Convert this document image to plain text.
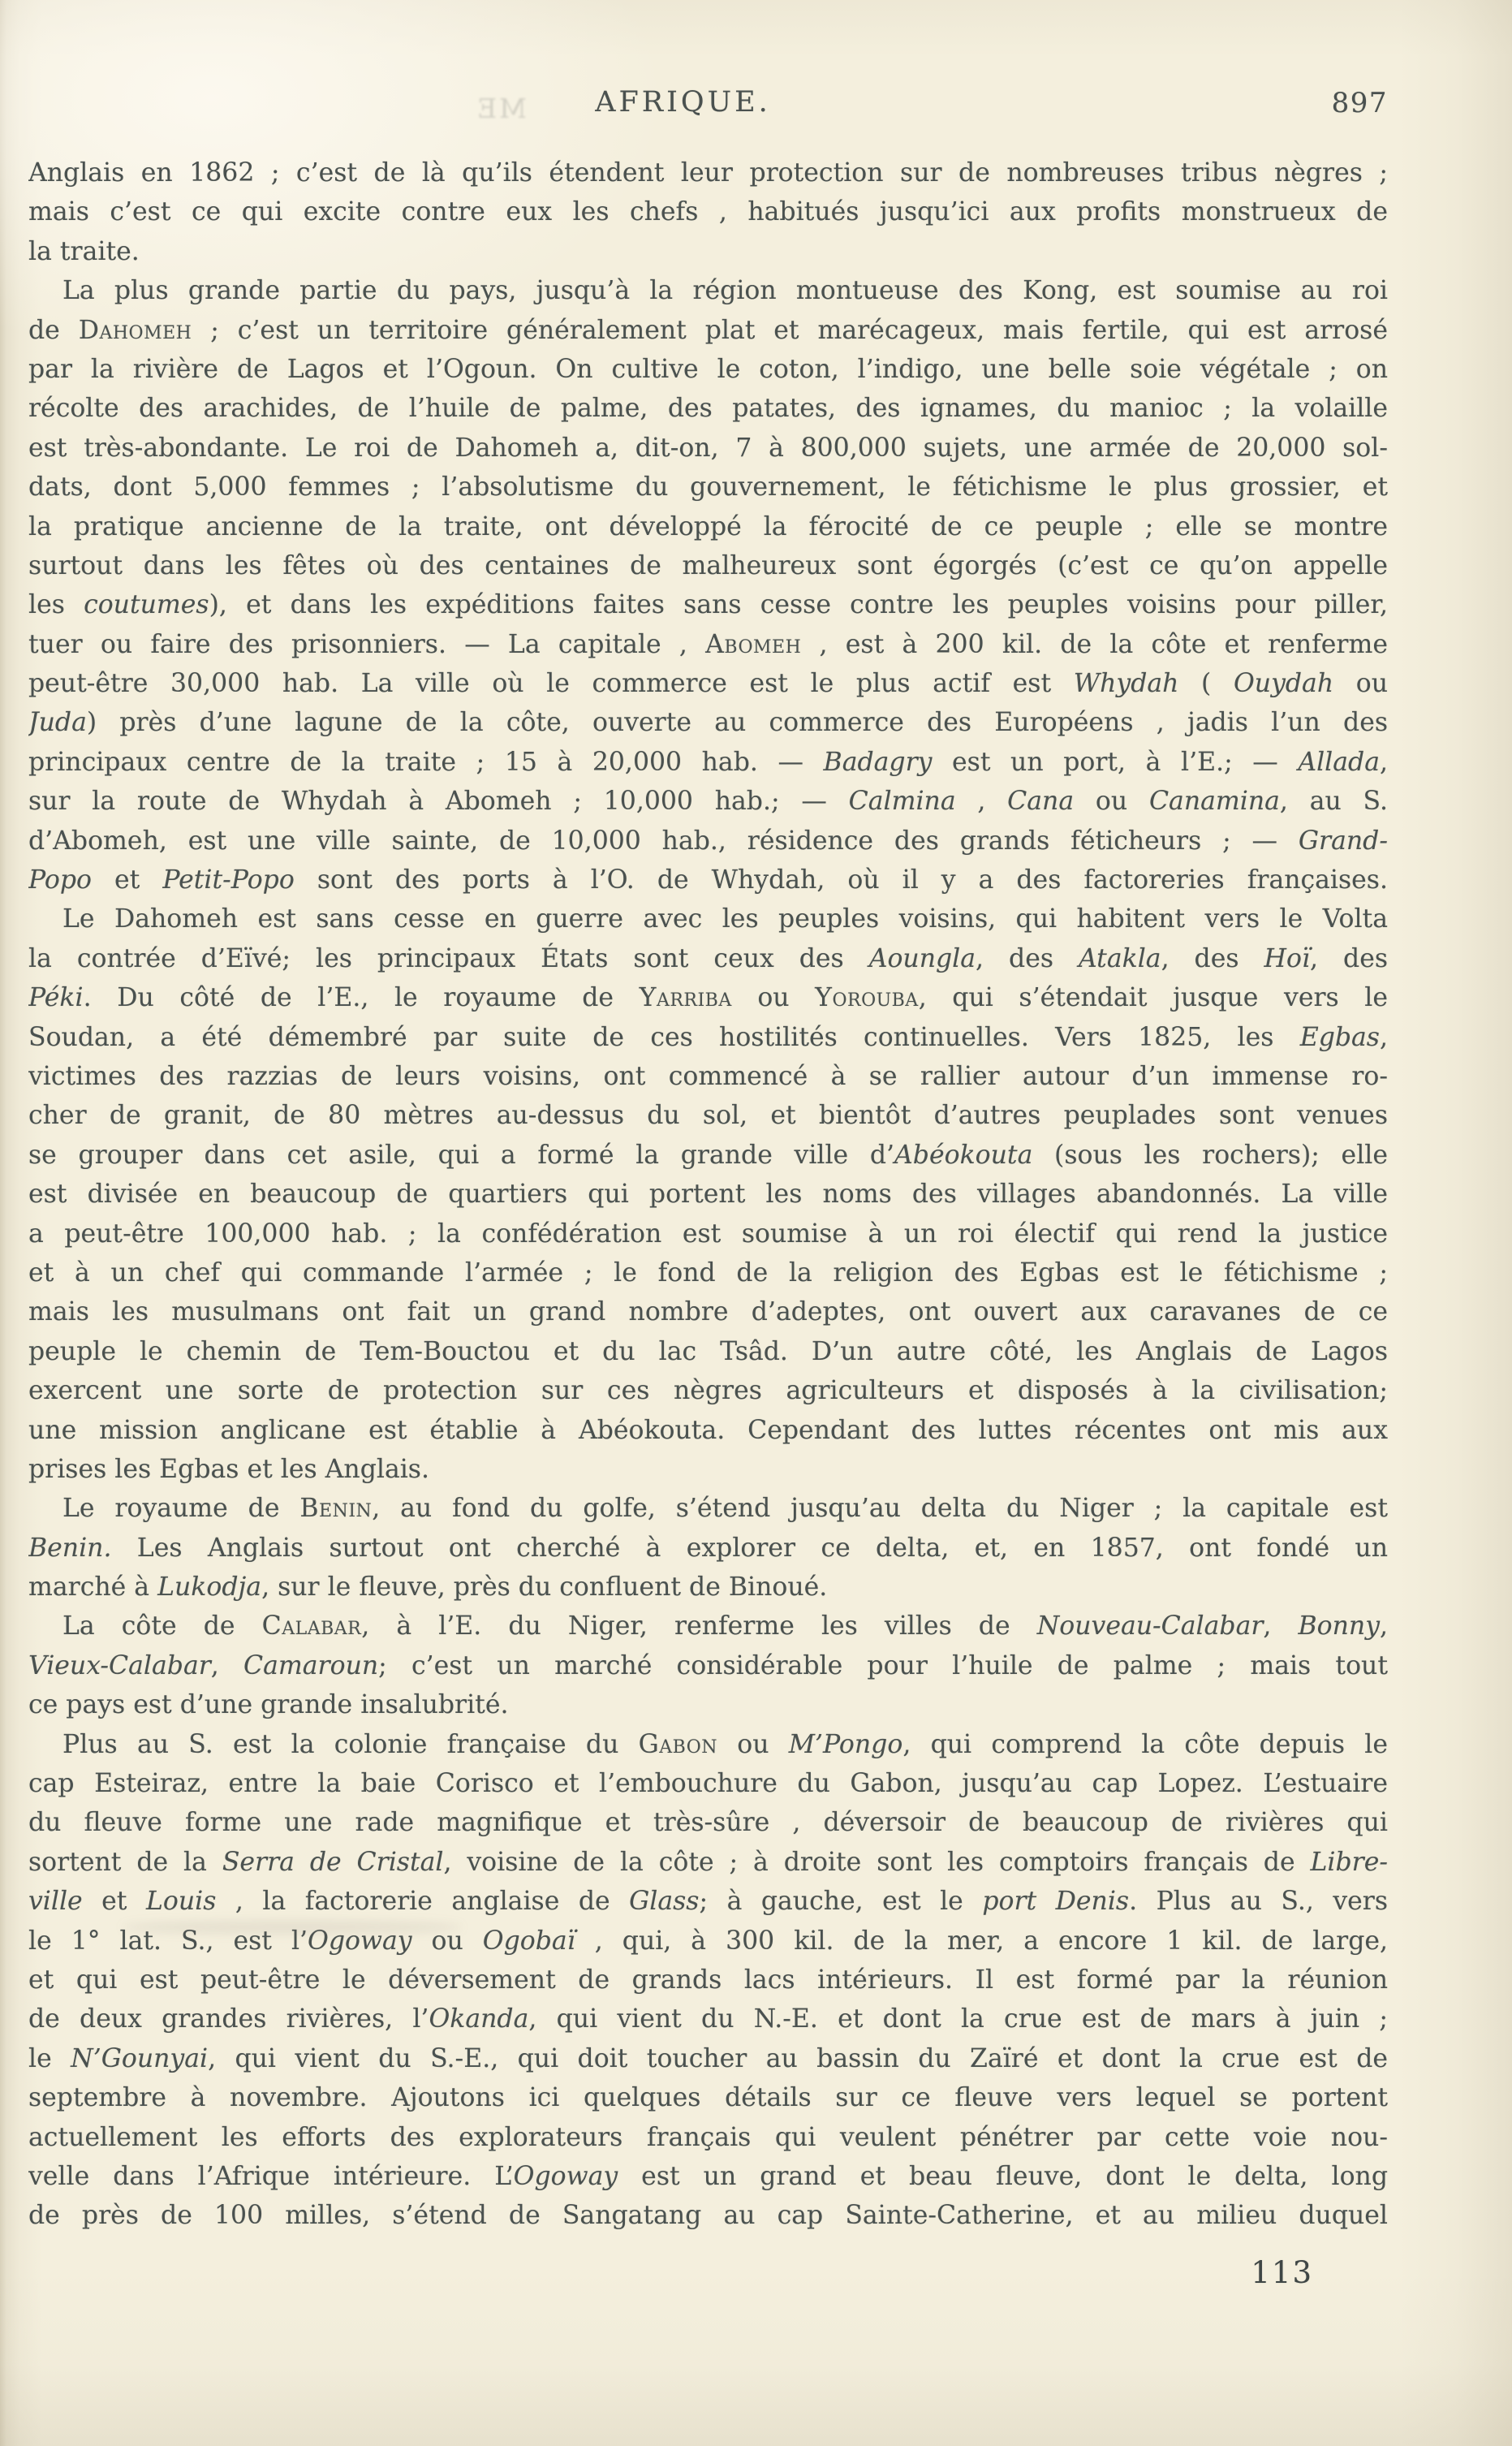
ME	AFRIQUE.	897
Anglais en 1862 ; c’est de là qu’ils étendent leur protection sur de nombreuses tribus nègres ;
mais c’est ce qui excite contre eux les chefs , habitués jusqu’ici aux profits monstrueux de
la traite.
La plus grande partie du pays, jusqu’à la région montueuse des Kong, est soumise au roi
de Dahomeh ; c’est un territoire généralement plat et marécageux, mais fertile, qui est arrosé
par la rivière de Lagos et l’Ogoun. On cultive le coton, l’indigo, une belle soie végétale ; on
récolte des arachides, de l’huile de palme, des patates, des ignames, du manioc ; la volaille
est très-abondante. Le roi de Dahomeh a, dit-on, 7 à 800,000 sujets, une armée de 20,000 sol-
dats, dont 5,000 femmes ; l’absolutisme du gouvernement, le fétichisme le plus grossier, et
la pratique ancienne de la traite, ont développé la férocité de ce peuple ; elle se montre
surtout dans les fêtes où des centaines de malheureux sont égorgés (c’est ce qu’on appelle
les coutumes), et dans les expéditions faites sans cesse contre les peuples voisins pour piller,
tuer ou faire des prisonniers. — La capitale , Abomeh , est à 200 kil. de la côte et renferme
peut-être 30,000 hab. La ville où le commerce est le plus actif est Whydah ( Ouydah ou
Juda) près d’une lagune de la côte, ouverte au commerce des Européens , jadis l’un des
principaux centre de la traite ; 15 à 20,000 hab. — Badagry est un port, à l’E.; — Allada,
sur la route de Whydah à Abomeh ; 10,000 hab.; — Calmina , Cana ou Canamina, au S.
d’Abomeh, est une ville sainte, de 10,000 hab., résidence des grands féticheurs ; — Grand-
Popo et Petit-Popo sont des ports à l’O. de Whydah, où il y a des factoreries françaises.
Le Dahomeh est sans cesse en guerre avec les peuples voisins, qui habitent vers le Volta
la contrée d’Eïvé; les principaux États sont ceux des Aoungla, des Atakla, des Hoï, des
Péki. Du côté de l’E., le royaume de Yarriba ou Yorouba, qui s’étendait jusque vers le
Soudan, a été démembré par suite de ces hostilités continuelles. Vers 1825, les Egbas,
victimes des razzias de leurs voisins, ont commencé à se rallier autour d’un immense ro-
cher de granit, de 80 mètres au-dessus du sol, et bientôt d’autres peuplades sont venues
se grouper dans cet asile, qui a formé la grande ville d’Abéokouta (sous les rochers); elle
est divisée en beaucoup de quartiers qui portent les noms des villages abandonnés. La ville
a peut-être 100,000 hab. ; la confédération est soumise à un roi électif qui rend la justice
et à un chef qui commande l’armée ; le fond de la religion des Egbas est le fétichisme ;
mais les musulmans ont fait un grand nombre d’adeptes, ont ouvert aux caravanes de ce
peuple le chemin de Tem-Bouctou et du lac Tsâd. D’un autre côté, les Anglais de Lagos
exercent une sorte de protection sur ces nègres agriculteurs et disposés à la civilisation;
une mission anglicane est établie à Abéokouta. Cependant des luttes récentes ont mis aux
prises les Egbas et les Anglais.
Le royaume de Benin, au fond du golfe, s’étend jusqu’au delta du Niger ; la capitale est
Benin. Les Anglais surtout ont cherché à explorer ce delta, et, en 1857, ont fondé un
marché à Lukodja, sur le fleuve, près du confluent de Binoué.
La côte de Calabar, à l’E. du Niger, renferme les villes de Nouveau-Calabar, Bonny,
Vieux-Calabar, Camaroun; c’est un marché considérable pour l’huile de palme ; mais tout
ce pays est d’une grande insalubrité.
Plus au S. est la colonie française du Gabon ou M’Pongo, qui comprend la côte depuis le
cap Esteiraz, entre la baie Corisco et l’embouchure du Gabon, jusqu’au cap Lopez. L’estuaire
du fleuve forme une rade magnifique et très-sûre , déversoir de beaucoup de rivières qui
sortent de la Serra de Cristal, voisine de la côte ; à droite sont les comptoirs français de Libre-
ville et Louis , la factorerie anglaise de Glass; à gauche, est le port Denis. Plus au S., vers
le 1° lat. S., est l’Ogoway ou Ogobaï , qui, à 300 kil. de la mer, a encore 1 kil. de large,
et qui est peut-être le déversement de grands lacs intérieurs. Il est formé par la réunion
de deux grandes rivières, l’Okanda, qui vient du N.-E. et dont la crue est de mars à juin ;
le N’Gounyai, qui vient du S.-E., qui doit toucher au bassin du Zaïré et dont la crue est de
septembre à novembre. Ajoutons ici quelques détails sur ce fleuve vers lequel se portent
actuellement les efforts des explorateurs français qui veulent pénétrer par cette voie nou-
velle dans l’Afrique intérieure. L’Ogoway est un grand et beau fleuve, dont le delta, long
de près de 100 milles, s’étend de Sangatang au cap Sainte-Catherine, et au milieu duquel
113
